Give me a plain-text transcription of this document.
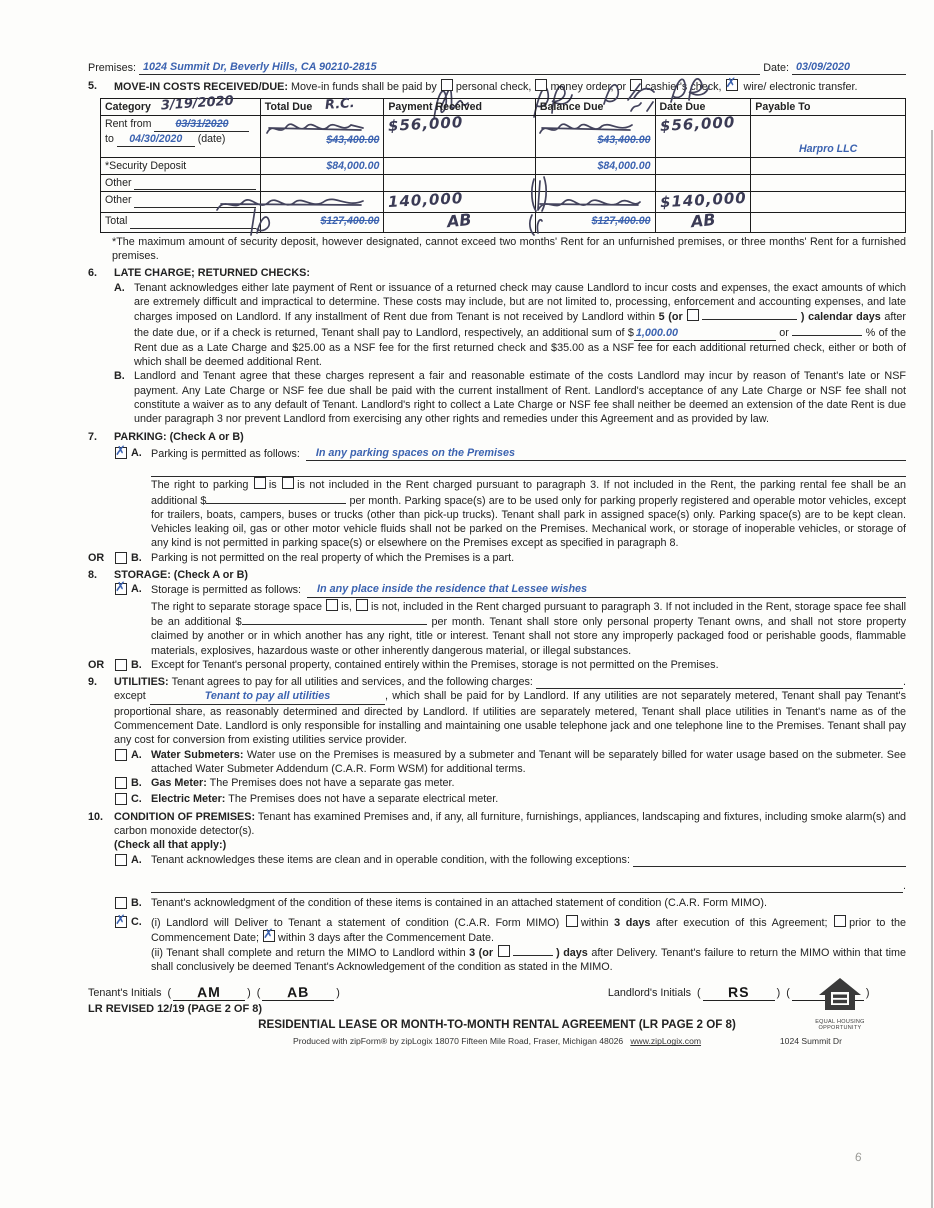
6
Premises:
1024 Summit Dr, Beverly Hills, CA 90210-2815
	Date:
03/09/2020
5.	MOVE-IN COSTS RECEIVED/DUE: Move-in funds shall be paid by personal check, money order, or cashier's check, ✗ wire/ electronic transfer.
Category 3/19/2020	Total Due R.C.	Payment Received	Balance Due	Date Due	Payable To

Rent from 03/31/2020
to 04/30/2020 (date)	$43,400.00	$56,000	$43,400.00	$56,000	Harpro LLC
*Security Deposit	$84,000.00		$84,000.00		

Other

Other		140,000		$140,000	

Total	$127,400.00	AB	$127,400.00	AB	
*The maximum amount of security deposit, however designated, cannot exceed two months' Rent for an unfurnished premises, or three months' Rent for a furnished premises.
6.	LATE CHARGE; RETURNED CHECKS:
A. Tenant acknowledges either late payment of Rent or issuance of a returned check may cause Landlord to incur costs and expenses, the exact amounts of which are extremely difficult and impractical to determine. These costs may include, but are not limited to, processing, enforcement and accounting expenses, and late charges imposed on Landlord. If any installment of Rent due from Tenant is not received by Landlord within 5 (or	) calendar days after the date due, or if a check is returned, Tenant shall pay to Landlord, respectively, an additional sum of $ 1,000.00	or	% of the Rent due as a Late Charge and $25.00 as a NSF fee for the first returned check and $35.00 as a NSF fee for each additional returned check, either or both of which shall be deemed additional Rent.
B. Landlord and Tenant agree that these charges represent a fair and reasonable estimate of the costs Landlord may incur by reason of Tenant's late or NSF payment. Any Late Charge or NSF fee due shall be paid with the current installment of Rent. Landlord's acceptance of any Late Charge or NSF fee shall not constitute a waiver as to any default of Tenant. Landlord's right to collect a Late Charge or NSF fee shall neither be deemed an extension of the date Rent is due under paragraph 3 nor prevent Landlord from exercising any other rights and remedies under this Agreement and as provided by law.
7.	PARKING: (Check A or B)
✗
A. Parking is permitted as follows:
	In any parking spaces on the Premises
The right to parking is is not included in the Rent charged pursuant to paragraph 3. If not included in the Rent, the parking rental fee shall be an additional $	per month. Parking space(s) are to be used only for parking properly registered and operable motor vehicles, except for trailers, boats, campers, buses or trucks (other than pick-up trucks). Tenant shall park in assigned space(s) only. Parking space(s) are to be kept clean. Vehicles leaking oil, gas or other motor vehicle fluids shall not be parked on the Premises. Mechanical work, or storage of inoperable vehicles, or storage of any kind is not permitted in parking space(s) or elsewhere on the Premises except as specified in paragraph 8.
OR B. Parking is not permitted on the real property of which the Premises is a part.
8.	STORAGE: (Check A or B)
✗
A. Storage is permitted as follows:
	In any place inside the residence that Lessee wishes
The right to separate storage space is, is not, included in the Rent charged pursuant to paragraph 3. If not included in the Rent, storage space fee shall be an additional $	per month. Tenant shall store only personal property Tenant owns, and shall not store property claimed by another or in which another has any right, title or interest. Tenant shall not store any improperly packaged food or perishable goods, flammable materials, explosives, hazardous waste or other inherently dangerous material, or illegal substances.
OR B. Except for Tenant's personal property, contained entirely within the Premises, storage is not permitted on the Premises.
9.	UTILITIES:
Tenant agrees to pay for all utilities and services, and the following charges:
	.
except	Tenant to pay all utilities	, which shall be paid for by Landlord. If any utilities are not separately metered, Tenant shall pay Tenant's proportional share, as reasonably determined and directed by Landlord. If utilities are separately metered, Tenant shall place utilities in Tenant's name as of the Commencement Date. Landlord is only responsible for installing and maintaining one usable telephone jack and one telephone line to the Premises. Tenant shall pay any cost for conversion from existing utilities service provider.
A. Water Submeters: Water use on the Premises is measured by a submeter and Tenant will be separately billed for water usage based on the submeter. See attached Water Submeter Addendum (C.A.R. Form WSM) for additional terms.
B. Gas Meter: The Premises does not have a separate gas meter.
C. Electric Meter: The Premises does not have a separate electrical meter.
10.	CONDITION OF PREMISES: Tenant has examined Premises and, if any, all furniture, furnishings, appliances, landscaping and fixtures, including smoke alarm(s) and carbon monoxide detector(s).
(Check all that apply:)
A. Tenant acknowledges these items are clean and in operable condition, with the following exceptions:

.
B. Tenant's acknowledgment of the condition of these items is contained in an attached statement of condition (C.A.R. Form MIMO).
✗
C. (i) Landlord will Deliver to Tenant a statement of condition (C.A.R. Form MIMO) within 3 days after execution of this Agreement; prior to the Commencement Date; ✗within 3 days after the Commencement Date.
(ii) Tenant shall complete and return the MIMO to Landlord within 3 (or	) days after Delivery. Tenant's failure to return the MIMO within that time shall conclusively be deemed Tenant's Acknowledgement of the condition as stated in the MIMO.
EQUAL HOUSING
OPPORTUNITY
Tenant's Initials (	AM	)  (	AB	)	Landlord's Initials (	RS	)  (	)
LR REVISED 12/19 (PAGE 2 OF 8)
RESIDENTIAL LEASE OR MONTH-TO-MONTH RENTAL AGREEMENT (LR PAGE 2 OF 8)
Produced with zipForm® by zipLogix 18070 Fifteen Mile Road, Fraser, Michigan 48026 www.zipLogix.com	1024 Summit Dr
